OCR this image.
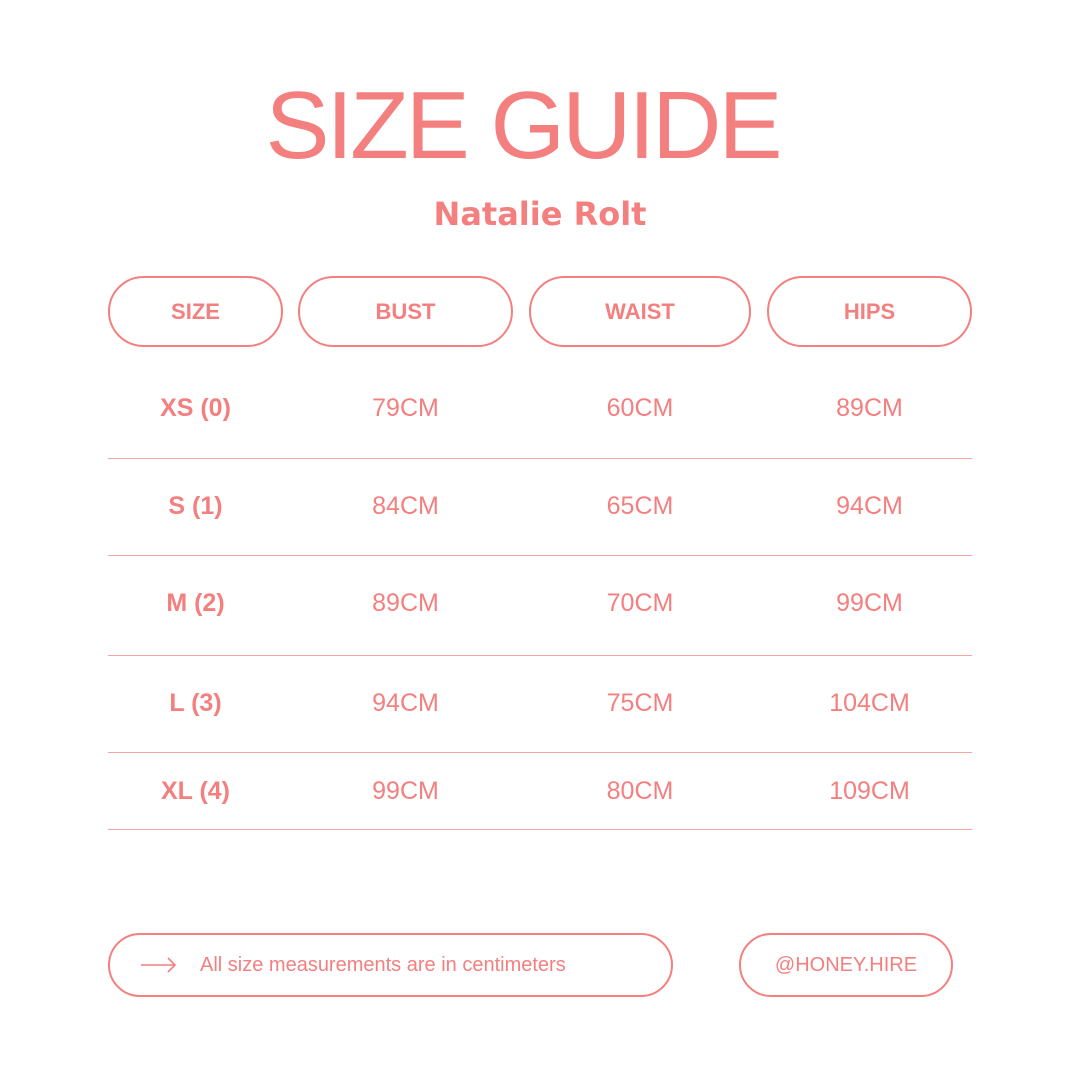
SIZE GUIDE
Natalie Rolt
SIZE	BUST	WAIST	HIPS
XS (0)	79CM	60CM	89CM
S (1)	84CM	65CM	94CM
M (2)	89CM	70CM	99CM
L (3)	94CM	75CM	104CM
XL (4)	99CM	80CM	109CM
All size measurements are in centimeters	@HONEY.HIRE
